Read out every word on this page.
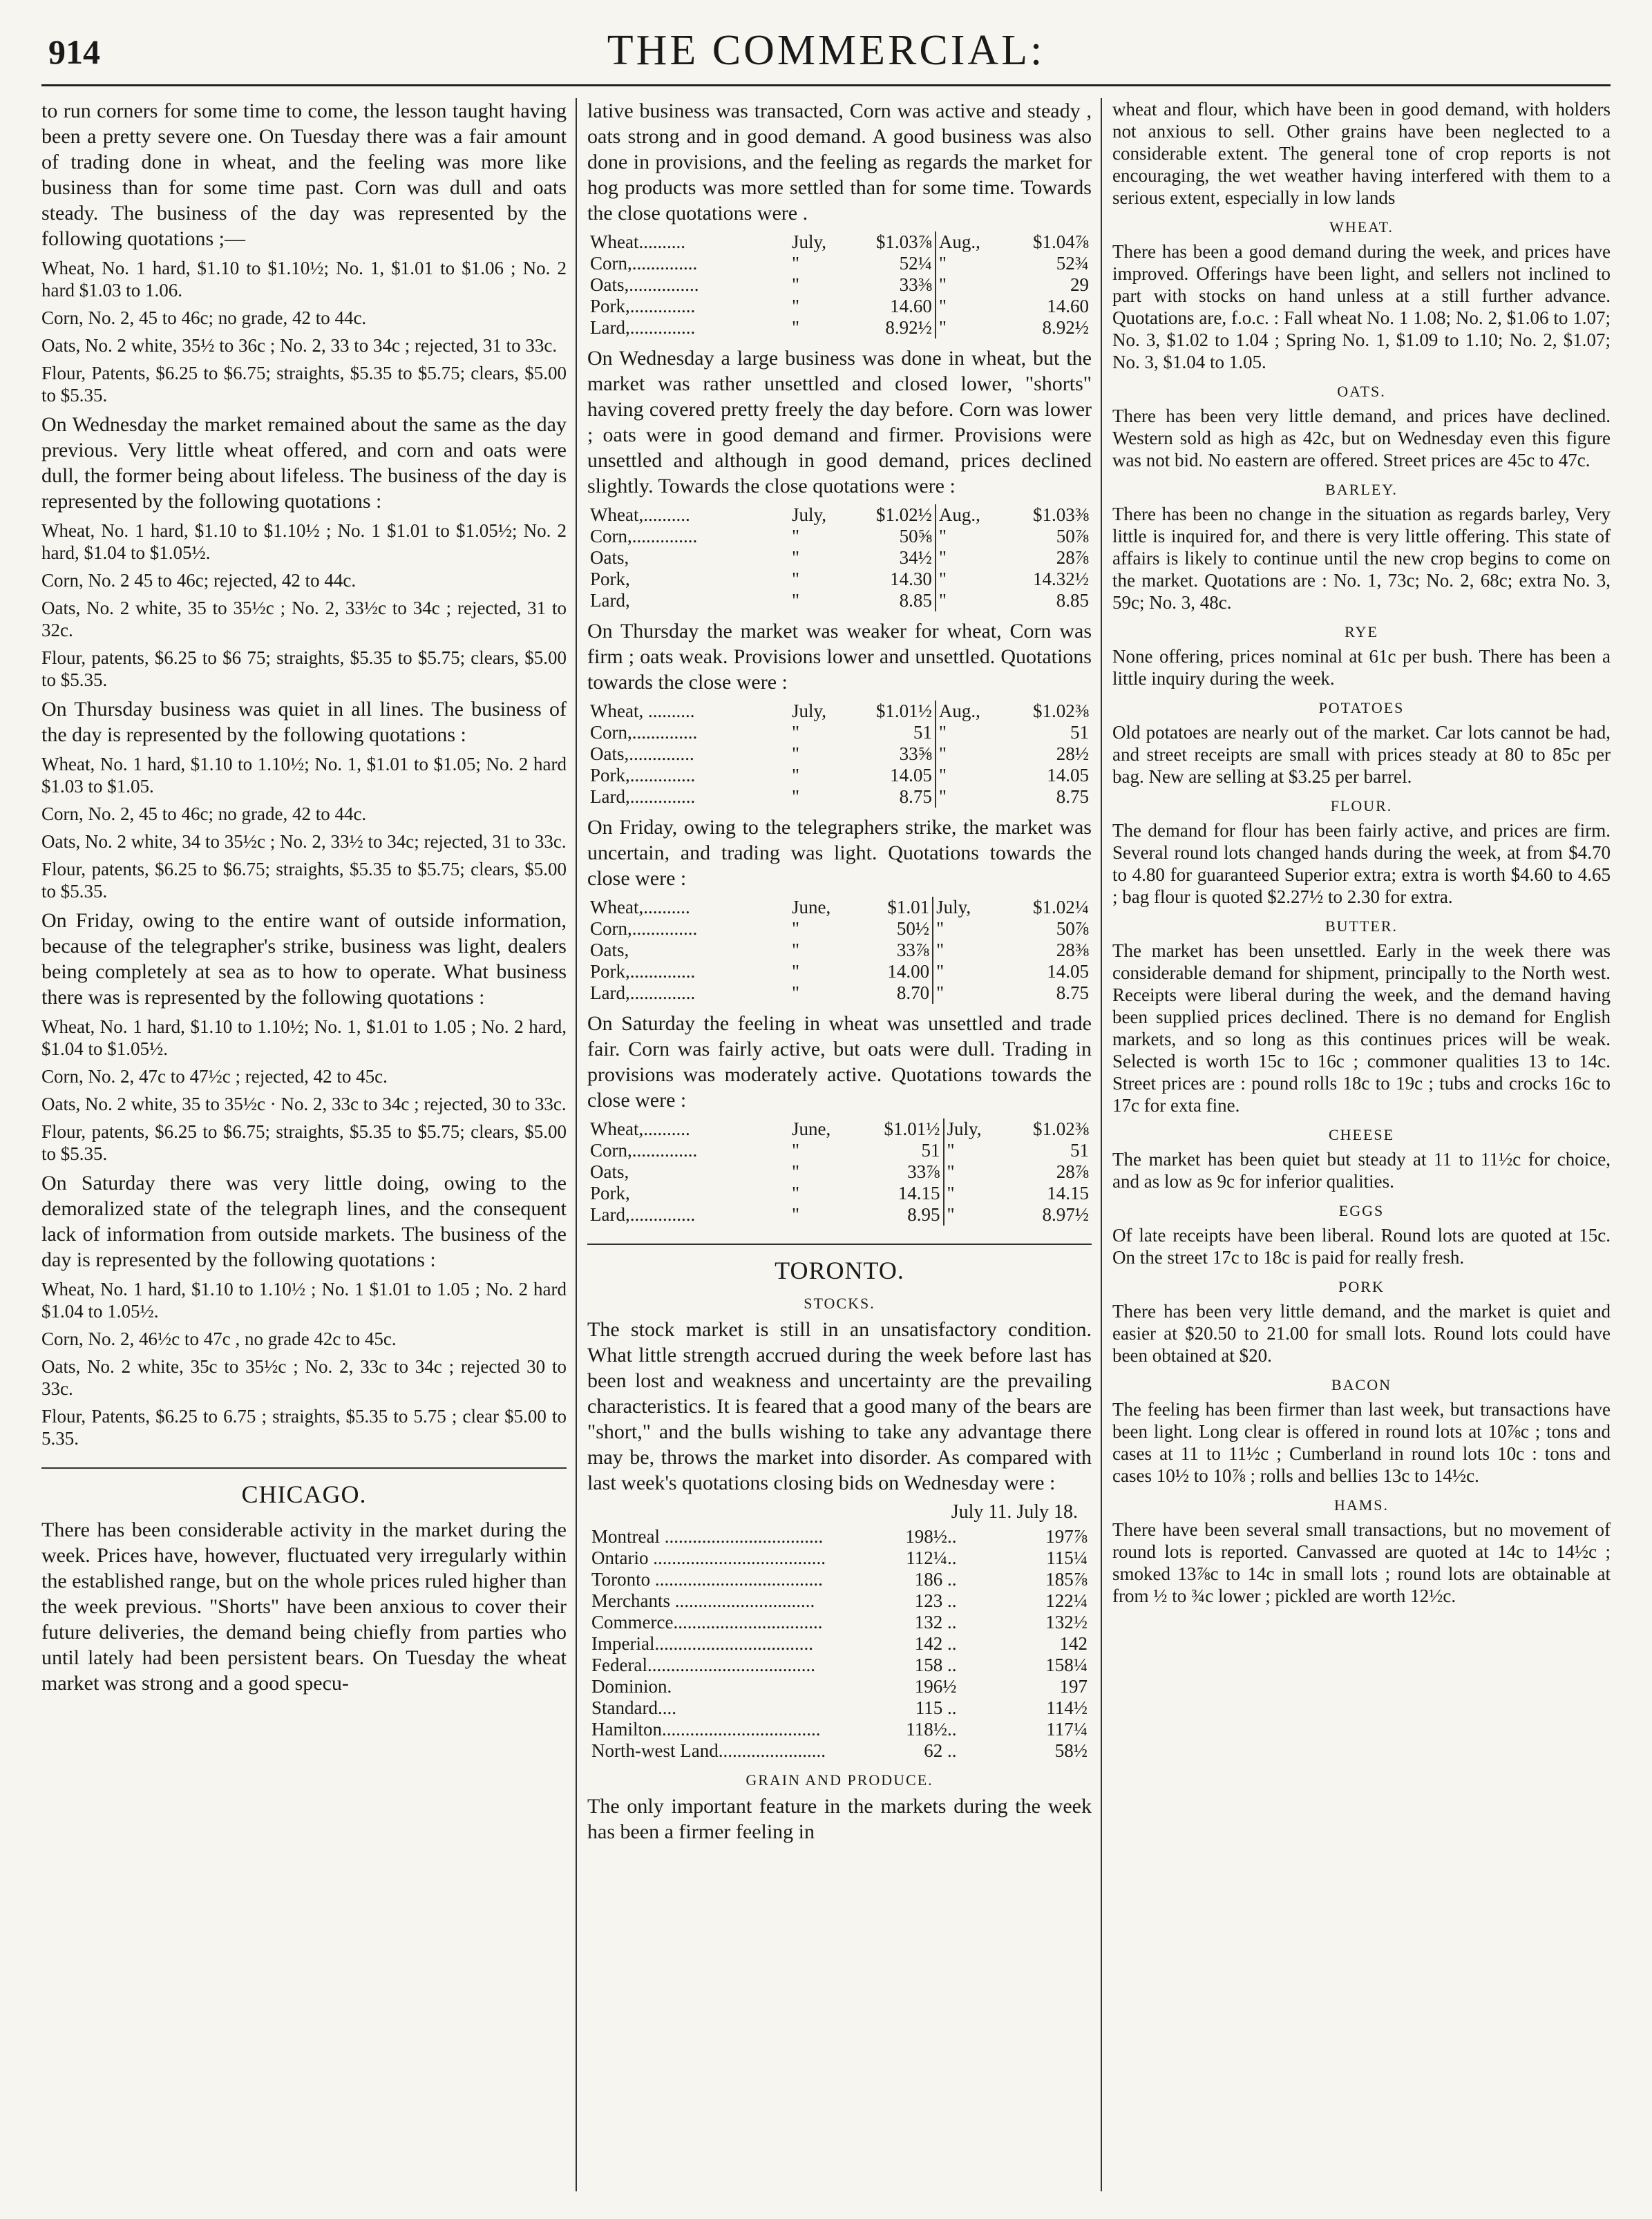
914	THE COMMERCIAL:

to run corners for some time to come, the lesson taught having been a pretty severe one. On Tuesday there was a fair amount of trading done in wheat, and the feeling was more like business than for some time past. Corn was dull and oats steady. The business of the day was represented by the following quotations ;—

Wheat, No. 1 hard, $1.10 to $1.10½; No. 1, $1.01 to $1.06 ; No. 2 hard $1.03 to 1.06.

Corn, No. 2, 45 to 46c; no grade, 42 to 44c.

Oats, No. 2 white, 35½ to 36c ; No. 2, 33 to 34c ; rejected, 31 to 33c.

Flour, Patents, $6.25 to $6.75; straights, $5.35 to $5.75; clears, $5.00 to $5.35.

On Wednesday the market remained about the same as the day previous. Very little wheat offered, and corn and oats were dull, the former being about lifeless. The business of the day is represented by the following quotations :

Wheat, No. 1 hard, $1.10 to $1.10½ ; No. 1 $1.01 to $1.05½; No. 2 hard, $1.04 to $1.05½.

Corn, No. 2 45 to 46c; rejected, 42 to 44c.

Oats, No. 2 white, 35 to 35½c ; No. 2, 33½c to 34c ; rejected, 31 to 32c.

Flour, patents, $6.25 to $6 75; straights, $5.35 to $5.75; clears, $5.00 to $5.35.

On Thursday business was quiet in all lines. The business of the day is represented by the following quotations :

Wheat, No. 1 hard, $1.10 to 1.10½; No. 1, $1.01 to $1.05; No. 2 hard $1.03 to $1.05.

Corn, No. 2, 45 to 46c; no grade, 42 to 44c.

Oats, No. 2 white, 34 to 35½c ; No. 2, 33½ to 34c; rejected, 31 to 33c.

Flour, patents, $6.25 to $6.75; straights, $5.35 to $5.75; clears, $5.00 to $5.35.

On Friday, owing to the entire want of outside information, because of the telegrapher's strike, business was light, dealers being completely at sea as to how to operate. What business there was is represented by the following quotations :

Wheat, No. 1 hard, $1.10 to 1.10½; No. 1, $1.01 to 1.05 ; No. 2 hard, $1.04 to $1.05½.

Corn, No. 2, 47c to 47½c ; rejected, 42 to 45c.

Oats, No. 2 white, 35 to 35½c · No. 2, 33c to 34c ; rejected, 30 to 33c.

Flour, patents, $6.25 to $6.75; straights, $5.35 to $5.75; clears, $5.00 to $5.35.

On Saturday there was very little doing, owing to the demoralized state of the telegraph lines, and the consequent lack of information from outside markets. The business of the day is represented by the following quotations :

Wheat, No. 1 hard, $1.10 to 1.10½ ; No. 1 $1.01 to 1.05 ; No. 2 hard $1.04 to 1.05½.

Corn, No. 2, 46½c to 47c , no grade 42c to 45c.

Oats, No. 2 white, 35c to 35½c ; No. 2, 33c to 34c ; rejected 30 to 33c.

Flour, Patents, $6.25 to 6.75 ; straights, $5.35 to 5.75 ; clear $5.00 to 5.35.

CHICAGO.

There has been considerable activity in the market during the week. Prices have, however, fluctuated very irregularly within the established range, but on the whole prices ruled higher than the week previous. "Shorts" have been anxious to cover their future deliveries, the demand being chiefly from parties who until lately had been persistent bears. On Tuesday the wheat market was strong and a good specu-

lative business was transacted, Corn was active and steady , oats strong and in good demand. A good business was also done in provisions, and the feeling as regards the market for hog products was more settled than for some time. Towards the close quotations were .

Wheat..........	July,	$1.03⅞	Aug.,	$1.04⅞
Corn,..............	"	52¼	"	52¾
Oats,...............	"	33⅜	"	29
Pork,..............	"	14.60	"	14.60
Lard,..............	"	8.92½	"	8.92½

On Wednesday a large business was done in wheat, but the market was rather unsettled and closed lower, "shorts" having covered pretty freely the day before. Corn was lower ; oats were in good demand and firmer. Provisions were unsettled and although in good demand, prices declined slightly. Towards the close quotations were :

Wheat,..........	July,	$1.02½	Aug.,	$1.03⅜
Corn,..............	"	50⅝	"	50⅞
Oats,	"	34½	"	28⅞
Pork,	"	14.30	"	14.32½
Lard,	"	8.85	"	8.85

On Thursday the market was weaker for wheat, Corn was firm ; oats weak. Provisions lower and unsettled. Quotations towards the close were :

Wheat, ..........	July,	$1.01½	Aug.,	$1.02⅜
Corn,..............	"	51	"	51
Oats,..............	"	33⅝	"	28½
Pork,..............	"	14.05	"	14.05
Lard,..............	"	8.75	"	8.75

On Friday, owing to the telegraphers strike, the market was uncertain, and trading was light. Quotations towards the close were :

Wheat,..........	June,	$1.01	July,	$1.02¼
Corn,..............	"	50½	"	50⅞
Oats,	"	33⅞	"	28⅜
Pork,..............	"	14.00	"	14.05
Lard,..............	"	8.70	"	8.75

On Saturday the feeling in wheat was unsettled and trade fair. Corn was fairly active, but oats were dull. Trading in provisions was moderately active. Quotations towards the close were :

Wheat,..........	June,	$1.01½	July,	$1.02⅜
Corn,..............	"	51	"	51
Oats,	"	33⅞	"	28⅞
Pork,	"	14.15	"	14.15
Lard,..............	"	8.95	"	8.97½
TORONTO.
STOCKS.

The stock market is still in an unsatisfactory condition. What little strength accrued during the week before last has been lost and weakness and uncertainty are the prevailing characteristics. It is feared that a good many of the bears are "short," and the bulls wishing to take any advantage there may be, throws the market into disorder. As compared with last week's quotations closing bids on Wednesday were :

July 11. July 18.
Montreal ..................................	198½..	197⅞
Ontario .....................................	112¼..	115¼
Toronto ....................................	186 ..	185⅞
Merchants ..............................	123 ..	122¼
Commerce................................	132 ..	132½
Imperial..................................	142 ..	142
Federal....................................	158 ..	158¼
Dominion.	196½	197
Standard....	115 ..	114½
Hamilton..................................	118½..	117¼
North-west Land.......................	62 ..	58½
GRAIN AND PRODUCE.

The only important feature in the markets during the week has been a firmer feeling in

wheat and flour, which have been in good demand, with holders not anxious to sell. Other grains have been neglected to a considerable extent. The general tone of crop reports is not encouraging, the wet weather having interfered with them to a serious extent, especially in low lands

WHEAT.

There has been a good demand during the week, and prices have improved. Offerings have been light, and sellers not inclined to part with stocks on hand unless at a still further advance. Quotations are, f.o.c. : Fall wheat No. 1 1.08; No. 2, $1.06 to 1.07; No. 3, $1.02 to 1.04 ; Spring No. 1, $1.09 to 1.10; No. 2, $1.07; No. 3, $1.04 to 1.05.

OATS.

There has been very little demand, and prices have declined. Western sold as high as 42c, but on Wednesday even this figure was not bid. No eastern are offered. Street prices are 45c to 47c.

BARLEY.

There has been no change in the situation as regards barley, Very little is inquired for, and there is very little offering. This state of affairs is likely to continue until the new crop begins to come on the market. Quotations are : No. 1, 73c; No. 2, 68c; extra No. 3, 59c; No. 3, 48c.

RYE

None offering, prices nominal at 61c per bush. There has been a little inquiry during the week.

POTATOES

Old potatoes are nearly out of the market. Car lots cannot be had, and street receipts are small with prices steady at 80 to 85c per bag. New are selling at $3.25 per barrel.

FLOUR.

The demand for flour has been fairly active, and prices are firm. Several round lots changed hands during the week, at from $4.70 to 4.80 for guaranteed Superior extra; extra is worth $4.60 to 4.65 ; bag flour is quoted $2.27½ to 2.30 for extra.

BUTTER.

The market has been unsettled. Early in the week there was considerable demand for shipment, principally to the North west. Receipts were liberal during the week, and the demand having been supplied prices declined. There is no demand for English markets, and so long as this continues prices will be weak. Selected is worth 15c to 16c ; commoner qualities 13 to 14c. Street prices are : pound rolls 18c to 19c ; tubs and crocks 16c to 17c for exta fine.

CHEESE

The market has been quiet but steady at 11 to 11½c for choice, and as low as 9c for inferior qualities.

EGGS

Of late receipts have been liberal. Round lots are quoted at 15c. On the street 17c to 18c is paid for really fresh.

PORK

There has been very little demand, and the market is quiet and easier at $20.50 to 21.00 for small lots. Round lots could have been obtained at $20.

BACON

The feeling has been firmer than last week, but transactions have been light. Long clear is offered in round lots at 10⅞c ; tons and cases at 11 to 11½c ; Cumberland in round lots 10c : tons and cases 10½ to 10⅞ ; rolls and bellies 13c to 14½c.

HAMS.

There have been several small transactions, but no movement of round lots is reported. Canvassed are quoted at 14c to 14½c ; smoked 13⅞c to 14c in small lots ; round lots are obtainable at from ½ to ¾c lower ; pickled are worth 12½c.
